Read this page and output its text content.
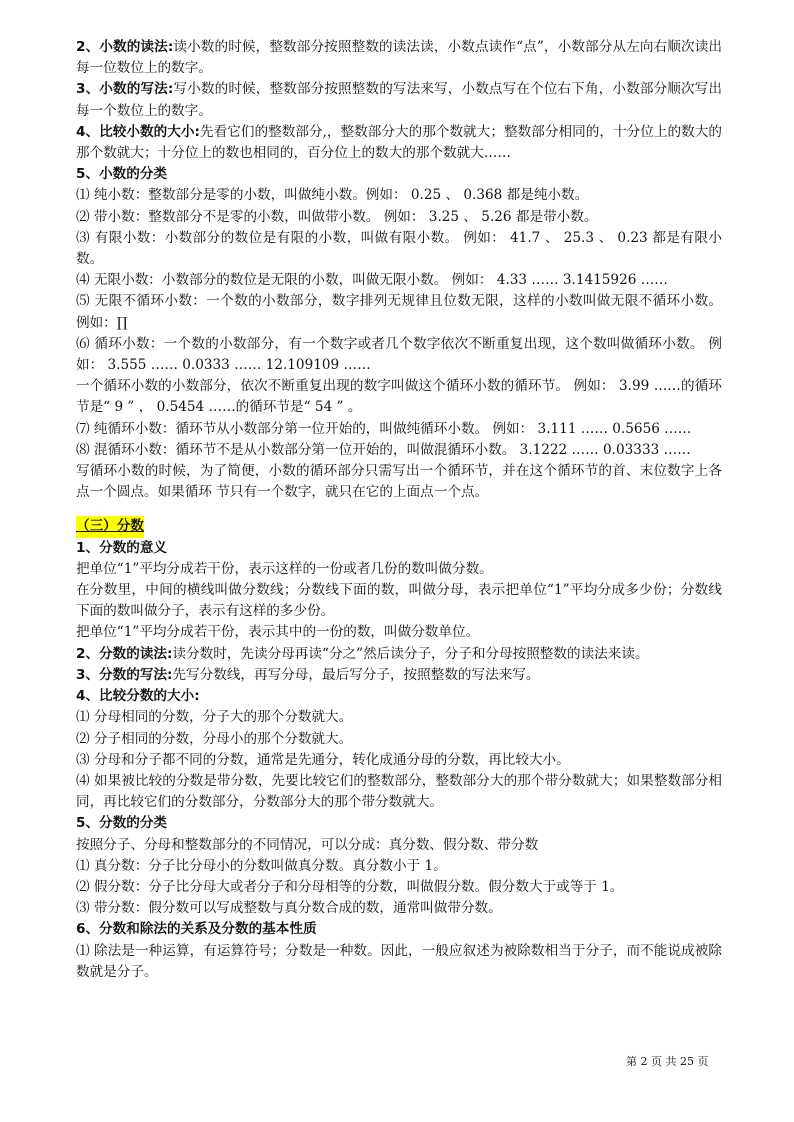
2、小数的读法:读小数的时候，整数部分按照整数的读法读，小数点读作“点”，小数部分从左向右顺次读出每一位数位上的数字。

3、小数的写法:写小数的时候，整数部分按照整数的写法来写，小数点写在个位右下角，小数部分顺次写出每一个数位上的数字。

4、比较小数的大小:先看它们的整数部分,，整数部分大的那个数就大；整数部分相同的，十分位上的数大的那个数就大；十分位上的数也相同的，百分位上的数大的那个数就大……

5、小数的分类

⑴ 纯小数：整数部分是零的小数，叫做纯小数。例如： 0.25 、 0.368 都是纯小数。

⑵ 带小数：整数部分不是零的小数，叫做带小数。 例如： 3.25 、 5.26 都是带小数。

⑶ 有限小数：小数部分的数位是有限的小数，叫做有限小数。 例如： 41.7 、 25.3 、 0.23 都是有限小数。

⑷ 无限小数：小数部分的数位是无限的小数，叫做无限小数。 例如： 4.33 …… 3.1415926 ……

⑸ 无限不循环小数：一个数的小数部分，数字排列无规律且位数无限，这样的小数叫做无限不循环小数。 例如：∏

⑹ 循环小数：一个数的小数部分，有一个数字或者几个数字依次不断重复出现，这个数叫做循环小数。 例如： 3.555 …… 0.0333 …… 12.109109 ……

一个循环小数的小数部分，依次不断重复出现的数字叫做这个循环小数的循环节。 例如： 3.99 ……的循环节是“ 9 ” ， 0.5454 ……的循环节是“ 54 ” 。

⑺ 纯循环小数：循环节从小数部分第一位开始的，叫做纯循环小数。 例如： 3.111 …… 0.5656 ……

⑻ 混循环小数：循环节不是从小数部分第一位开始的，叫做混循环小数。 3.1222 …… 0.03333 ……

写循环小数的时候，为了简便，小数的循环部分只需写出一个循环节，并在这个循环节的首、末位数字上各点一个圆点。如果循环 节只有一个数字，就只在它的上面点一个点。

（三）分数

1、分数的意义

把单位“1”平均分成若干份，表示这样的一份或者几份的数叫做分数。

在分数里，中间的横线叫做分数线；分数线下面的数，叫做分母，表示把单位“1”平均分成多少份；分数线下面的数叫做分子，表示有这样的多少份。

把单位“1”平均分成若干份，表示其中的一份的数，叫做分数单位。

2、分数的读法:读分数时，先读分母再读“分之”然后读分子，分子和分母按照整数的读法来读。

3、分数的写法:先写分数线，再写分母，最后写分子，按照整数的写法来写。

4、比较分数的大小:

⑴ 分母相同的分数，分子大的那个分数就大。

⑵ 分子相同的分数，分母小的那个分数就大。

⑶ 分母和分子都不同的分数，通常是先通分，转化成通分母的分数，再比较大小。

⑷ 如果被比较的分数是带分数，先要比较它们的整数部分，整数部分大的那个带分数就大；如果整数部分相同，再比较它们的分数部分，分数部分大的那个带分数就大。

5、分数的分类

按照分子、分母和整数部分的不同情况，可以分成：真分数、假分数、带分数

⑴ 真分数：分子比分母小的分数叫做真分数。真分数小于 1。

⑵ 假分数：分子比分母大或者分子和分母相等的分数，叫做假分数。假分数大于或等于 1。

⑶ 带分数：假分数可以写成整数与真分数合成的数，通常叫做带分数。

6、分数和除法的关系及分数的基本性质

⑴ 除法是一种运算，有运算符号；分数是一种数。因此，一般应叙述为被除数相当于分子，而不能说成被除数就是分子。

第 2 页 共 25 页
